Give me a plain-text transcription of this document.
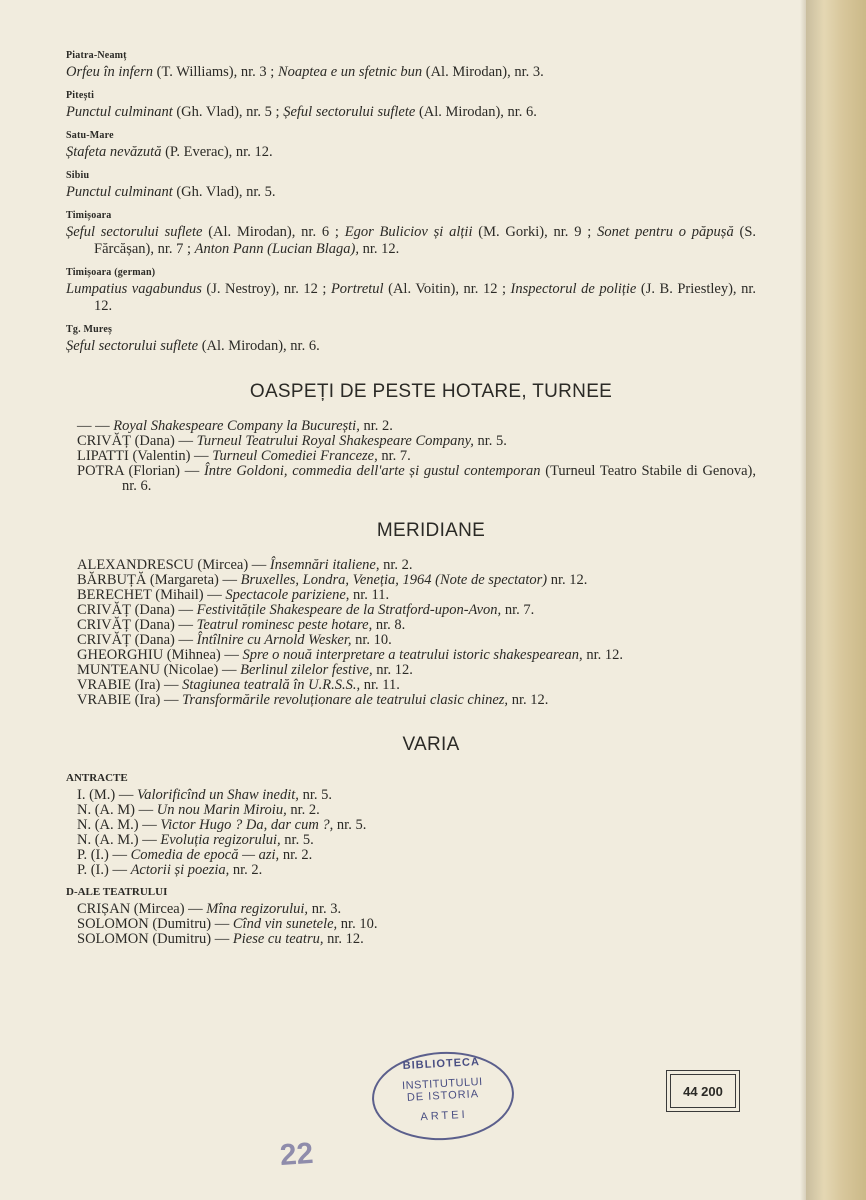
Piatra-Neamț
Orfeu în infern (T. Williams), nr. 3 ; Noaptea e un sfetnic bun (Al. Mirodan), nr. 3.
Pitești
Punctul culminant (Gh. Vlad), nr. 5 ; Șeful sectorului suflete (Al. Mirodan), nr. 6.
Satu-Mare
Ștafeta nevăzută (P. Everac), nr. 12.
Sibiu
Punctul culminant (Gh. Vlad), nr. 5.
Timișoara
Șeful sectorului suflete (Al. Mirodan), nr. 6 ; Egor Buliciov și alții (M. Gorki), nr. 9 ; Sonet pentru o păpușă (S. Fărcășan), nr. 7 ; Anton Pann (Lucian Blaga), nr. 12.
Timișoara (german)
Lumpatius vagabundus (J. Nestroy), nr. 12 ; Portretul (Al. Voitin), nr. 12 ; Inspectorul de poliție (J. B. Priestley), nr. 12.
Tg. Mureș
Șeful sectorului suflete (Al. Mirodan), nr. 6.
OASPEȚI DE PESTE HOTARE, TURNEE
— — Royal Shakespeare Company la București, nr. 2.
CRIVĂȚ (Dana) — Turneul Teatrului Royal Shakespeare Company, nr. 5.
LIPATTI (Valentin) — Turneul Comediei Franceze, nr. 7.
POTRA (Florian) — Între Goldoni, commedia dell'arte și gustul contemporan (Turneul Teatro Stabile di Genova), nr. 6.
MERIDIANE
ALEXANDRESCU (Mircea) — Însemnări italiene, nr. 2.
BĂRBUȚĂ (Margareta) — Bruxelles, Londra, Veneția, 1964 (Note de spectator) nr. 12.
BERECHET (Mihail) — Spectacole pariziene, nr. 11.
CRIVĂȚ (Dana) — Festivitățile Shakespeare de la Stratford-upon-Avon, nr. 7.
CRIVĂȚ (Dana) — Teatrul rominesc peste hotare, nr. 8.
CRIVĂȚ (Dana) — Întîlnire cu Arnold Wesker, nr. 10.
GHEORGHIU (Mihnea) — Spre o nouă interpretare a teatrului istoric shakespearean, nr. 12.
MUNTEANU (Nicolae) — Berlinul zilelor festive, nr. 12.
VRABIE (Ira) — Stagiunea teatrală în U.R.S.S., nr. 11.
VRABIE (Ira) — Transformările revoluționare ale teatrului clasic chinez, nr. 12.
VARIA
ANTRACTE
I. (M.) — Valorificînd un Shaw inedit, nr. 5.
N. (A. M) — Un nou Marin Miroiu, nr. 2.
N. (A. M.) — Victor Hugo ? Da, dar cum ?, nr. 5.
N. (A. M.) — Evoluția regizorului, nr. 5.
P. (I.) — Comedia de epocă — azi, nr. 2.
P. (I.) — Actorii și poezia, nr. 2.
D-ALE TEATRULUI
CRIȘAN (Mircea) — Mîna regizorului, nr. 3.
SOLOMON (Dumitru) — Cînd vin sunetele, nr. 10.
SOLOMON (Dumitru) — Piese cu teatru, nr. 12.
BIBLIOTECA
INSTITUTULUI
DE ISTORIA
ARTEI
44 200
22
